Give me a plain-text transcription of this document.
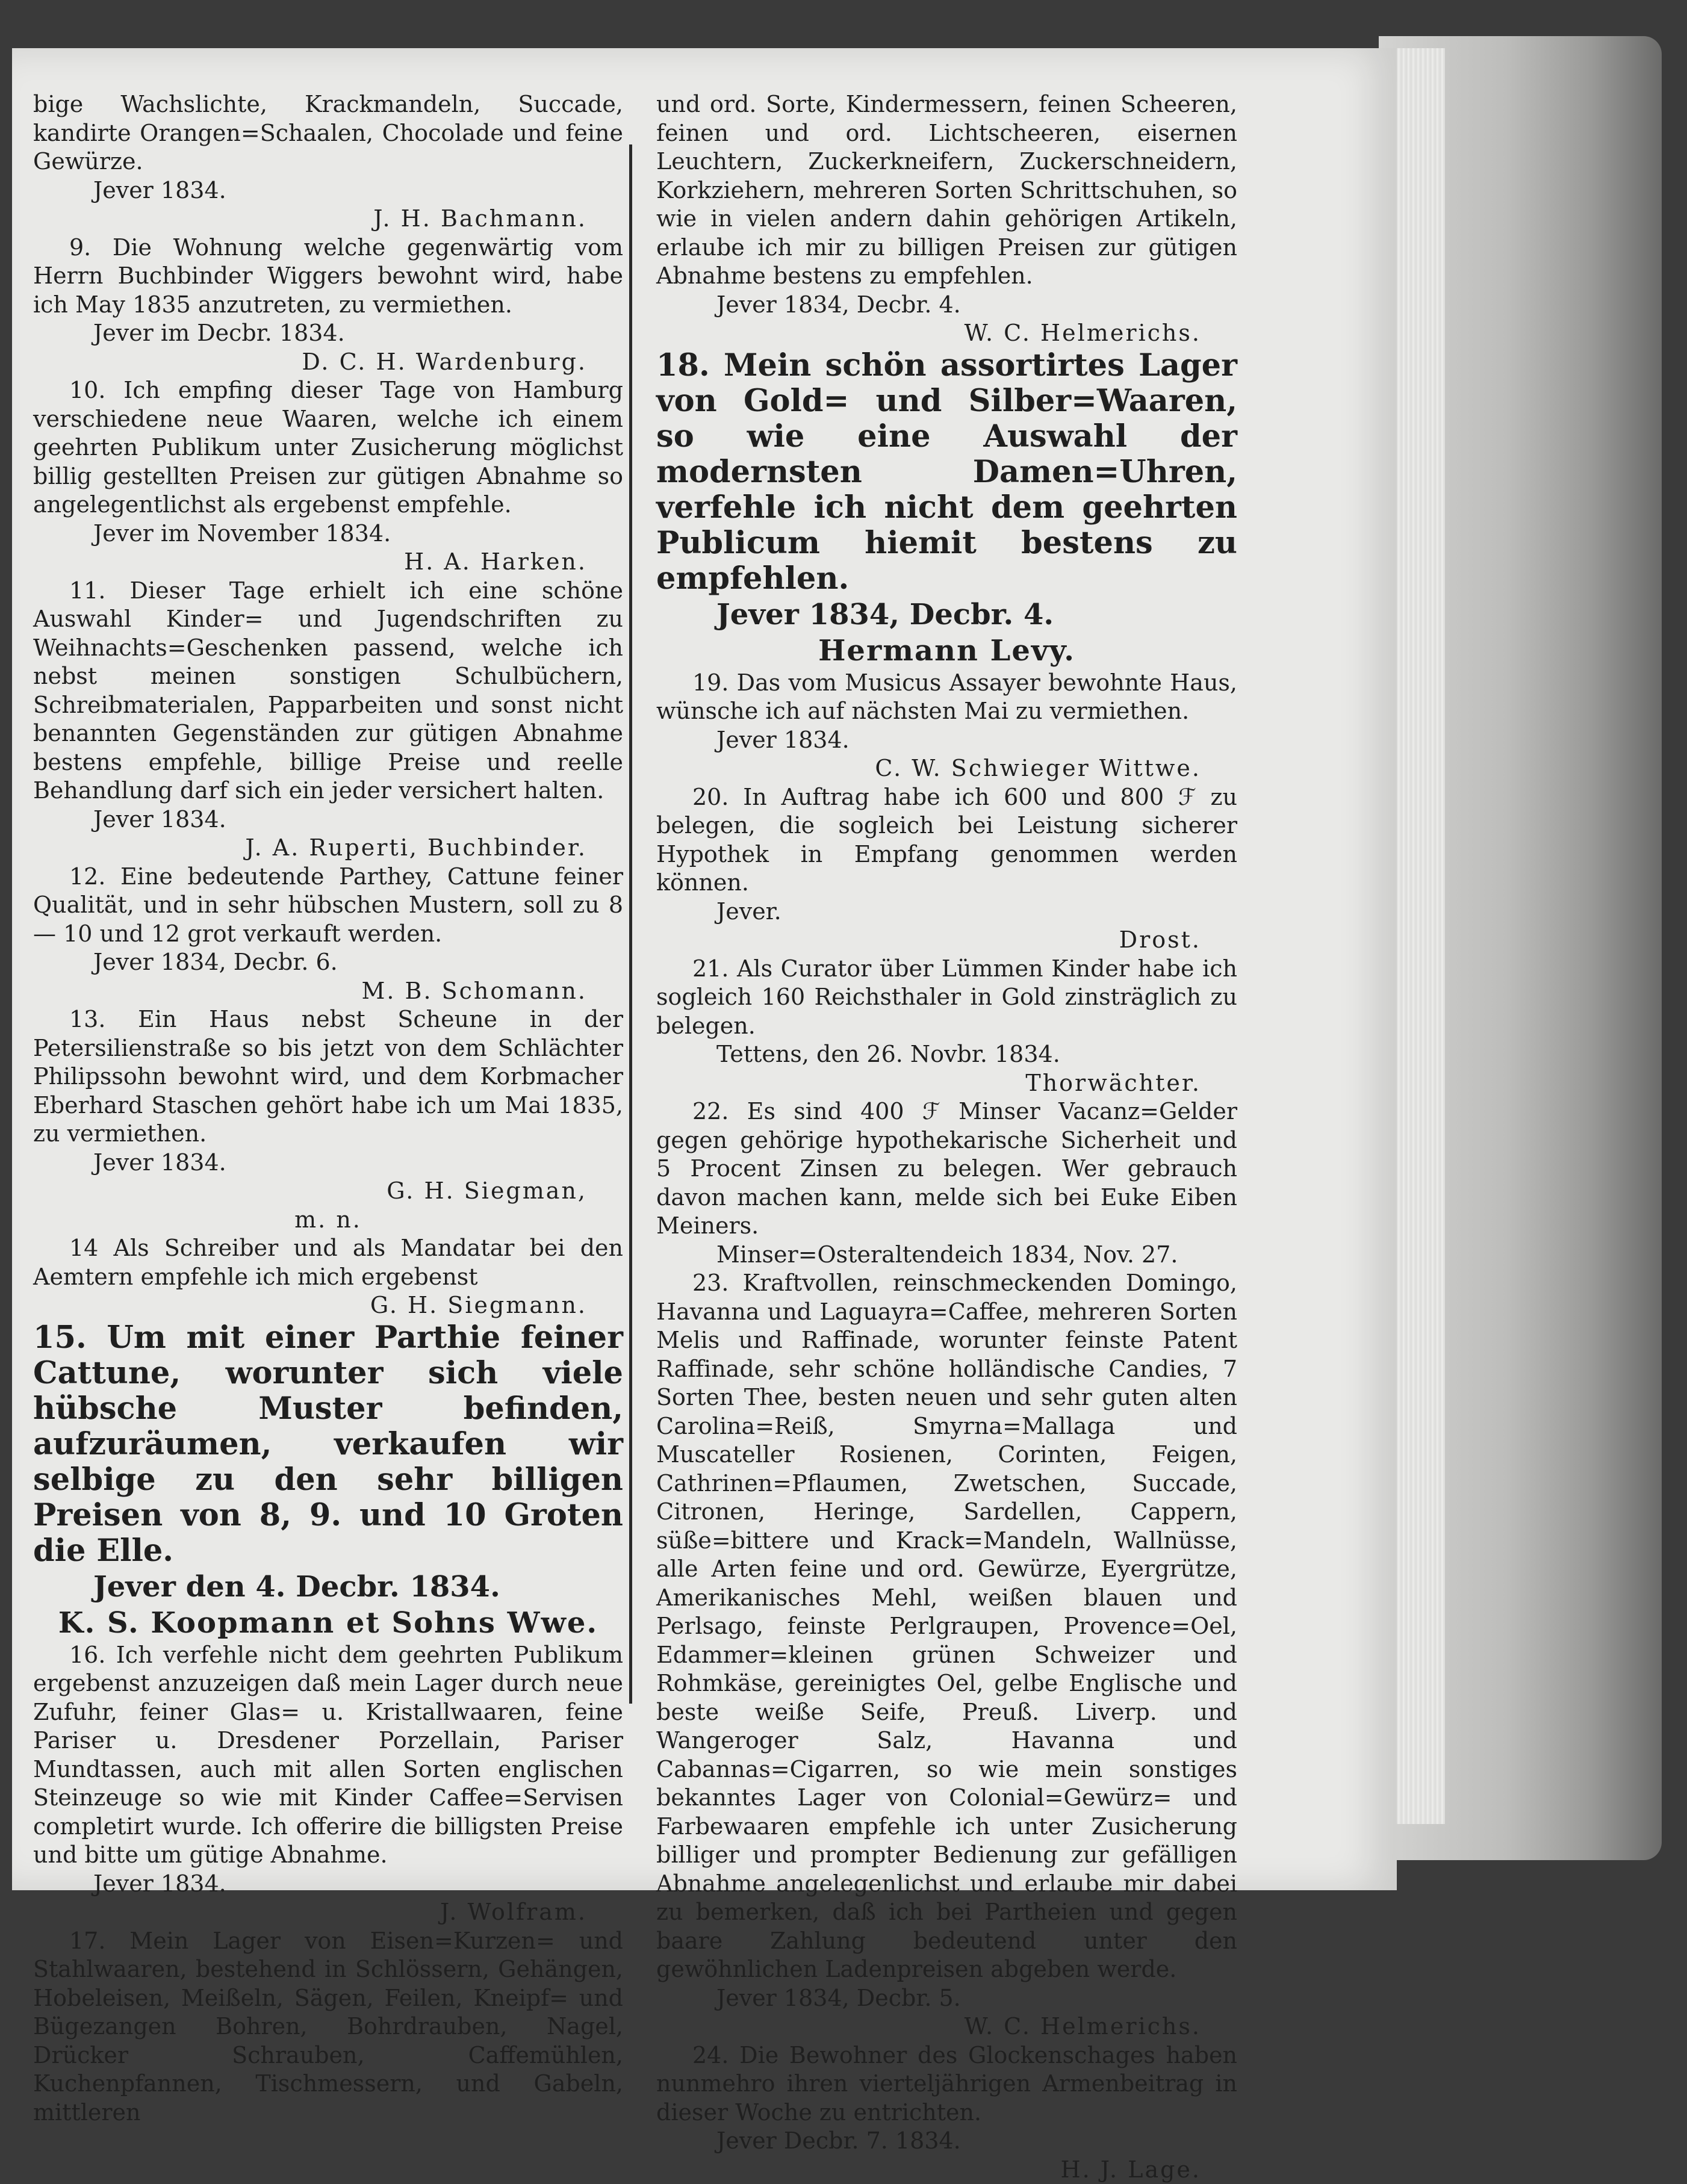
bige Wachslichte, Krackmandeln, Succade, kandirte Orangen=Schaalen, Chocolade und feine Gewürze.

Jever 1834.

J. H. Bachmann.

9. Die Wohnung welche gegenwärtig vom Herrn Buchbinder Wiggers bewohnt wird, habe ich May 1835 anzutreten, zu vermiethen.

Jever im Decbr. 1834.

D. C. H. Wardenburg.

10. Ich empfing dieser Tage von Hamburg verschiedene neue Waaren, welche ich einem geehrten Publikum unter Zusicherung möglichst billig gestellten Preisen zur gütigen Abnahme so angelegentlichst als ergebenst empfehle.

Jever im November 1834.

H. A. Harken.

11. Dieser Tage erhielt ich eine schöne Auswahl Kinder= und Jugendschriften zu Weihnachts=Geschenken passend, welche ich nebst meinen sonstigen Schulbüchern, Schreibmaterialen, Papparbeiten und sonst nicht benannten Gegenständen zur gütigen Abnahme bestens empfehle, billige Preise und reelle Behandlung darf sich ein jeder versichert halten.

Jever 1834.

J. A. Ruperti, Buchbinder.

12. Eine bedeutende Parthey, Cattune feiner Qualität, und in sehr hübschen Mustern, soll zu 8 — 10 und 12 grot verkauft werden.

Jever 1834, Decbr. 6.

M. B. Schomann.

13. Ein Haus nebst Scheune in der Petersilienstraße so bis jetzt von dem Schlächter Philipssohn bewohnt wird, und dem Korbmacher Eberhard Staschen gehört habe ich um Mai 1835, zu vermiethen.

Jever 1834.

G. H. Siegman,

m. n.

14 Als Schreiber und als Mandatar bei den Aemtern empfehle ich mich ergebenst

G. H. Siegmann.

15. Um mit einer Parthie feiner Cattune, worunter sich viele hübsche Muster befinden, aufzuräumen, verkaufen wir selbige zu den sehr billigen Preisen von 8, 9. und 10 Groten die Elle.

Jever den 4. Decbr. 1834.

K. S. Koopmann et Sohns Wwe.

16. Ich verfehle nicht dem geehrten Publikum ergebenst anzuzeigen daß mein Lager durch neue Zufuhr, feiner Glas= u. Kristallwaaren, feine Pariser u. Dresdener Porzellain, Pariser Mundtassen, auch mit allen Sorten englischen Steinzeuge so wie mit Kinder Caffee=Servisen completirt wurde. Ich offerire die billigsten Preise und bitte um gütige Abnahme.

Jever 1834.

J. Wolfram.

17. Mein Lager von Eisen=Kurzen= und Stahlwaaren, bestehend in Schlössern, Gehängen, Hobeleisen, Meißeln, Sägen, Feilen, Kneipf= und Bügezangen Bohren, Bohrdrauben, Nagel, Drücker Schrauben, Caffemühlen, Kuchenpfannen, Tischmessern, und Gabeln, mittleren

und ord. Sorte, Kindermessern, feinen Scheeren, feinen und ord. Lichtscheeren, eisernen Leuchtern, Zuckerkneifern, Zuckerschneidern, Korkziehern, mehreren Sorten Schrittschuhen, so wie in vielen andern dahin gehörigen Artikeln, erlaube ich mir zu billigen Preisen zur gütigen Abnahme bestens zu empfehlen.

Jever 1834, Decbr. 4.

W. C. Helmerichs.

18. Mein schön assortirtes Lager von Gold= und Silber=Waaren, so wie eine Auswahl der modernsten Damen=Uhren, verfehle ich nicht dem geehrten Publicum hiemit bestens zu empfehlen.

Jever 1834, Decbr. 4.

Hermann Levy.

19. Das vom Musicus Assayer bewohnte Haus, wünsche ich auf nächsten Mai zu vermiethen.

Jever 1834.

C. W. Schwieger Wittwe.

20. In Auftrag habe ich 600 und 800 ℱ zu belegen, die sogleich bei Leistung sicherer Hypothek in Empfang genommen werden können.

Jever.

Drost.

21. Als Curator über Lümmen Kinder habe ich sogleich 160 Reichsthaler in Gold zinsträglich zu belegen.

Tettens, den 26. Novbr. 1834.

Thorwächter.

22. Es sind 400 ℱ Minser Vacanz=Gelder gegen gehörige hypothekarische Sicherheit und 5 Procent Zinsen zu belegen. Wer gebrauch davon machen kann, melde sich bei Euke Eiben Meiners.

Minser=Osteraltendeich 1834, Nov. 27.

23. Kraftvollen, reinschmeckenden Domingo, Havanna und Laguayra=Caffee, mehreren Sorten Melis und Raffinade, worunter feinste Patent Raffinade, sehr schöne holländische Candies, 7 Sorten Thee, besten neuen und sehr guten alten Carolina=Reiß, Smyrna=Mallaga und Muscateller Rosienen, Corinten, Feigen, Cathrinen=Pflaumen, Zwetschen, Succade, Citronen, Heringe, Sardellen, Cappern, süße=bittere und Krack=Mandeln, Wallnüsse, alle Arten feine und ord. Gewürze, Eyergrütze, Amerikanisches Mehl, weißen blauen und Perlsago, feinste Perlgraupen, Provence=Oel, Edammer=kleinen grünen Schweizer und Rohmkäse, gereinigtes Oel, gelbe Englische und beste weiße Seife, Preuß. Liverp. und Wangeroger Salz, Havanna und Cabannas=Cigarren, so wie mein sonstiges bekanntes Lager von Colonial=Gewürz= und Farbewaaren empfehle ich unter Zusicherung billiger und prompter Bedienung zur gefälligen Abnahme angelegenlichst und erlaube mir dabei zu bemerken, daß ich bei Partheien und gegen baare Zahlung bedeutend unter den gewöhnlichen Ladenpreisen abgeben werde.

Jever 1834, Decbr. 5.

W. C. Helmerichs.

24. Die Bewohner des Glockenschages haben nunmehro ihren vierteljährigen Armenbeitrag in dieser Woche zu entrichten.

Jever Decbr. 7. 1834.

H. J. Lage.
